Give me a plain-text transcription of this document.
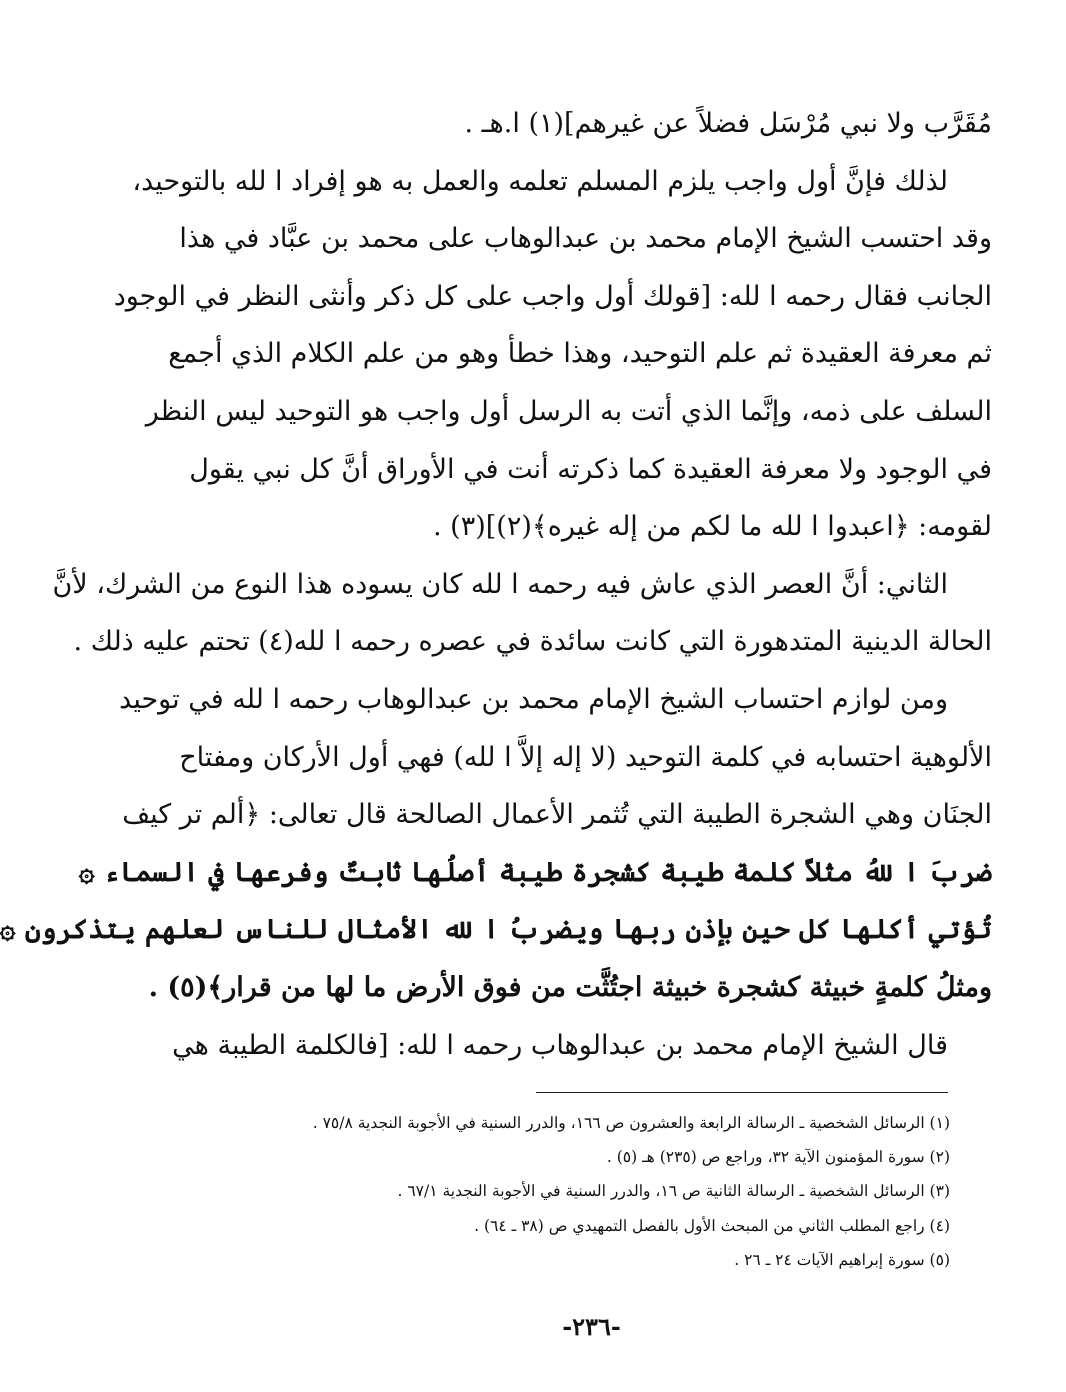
مُقَرَّب ولا نبي مُرْسَل فضلاً عن غيرهم](١) ا.هـ .
لذلك فإنَّ أول واجب يلزم المسلم تعلمه والعمل به هو إفراد ا لله بالتوحيد،
وقد احتسب الشيخ الإمام محمد بن عبدالوهاب على محمد بن عبَّاد في هذا
الجانب فقال رحمه ا لله: [قولك أول واجب على كل ذكر وأنثى النظر في الوجود
ثم معرفة العقيدة ثم علم التوحيد، وهذا خطأ وهو من علم الكلام الذي أجمع
السلف على ذمه، وإنَّما الذي أتت به الرسل أول واجب هو التوحيد ليس النظر
في الوجود ولا معرفة العقيدة كما ذكرته أنت في الأوراق أنَّ كل نبي يقول
لقومه: ﴿اعبدوا ا لله ما لكم من إله غيره﴾(٢)](٣) .
الثاني: أنَّ العصر الذي عاش فيه رحمه ا لله كان يسوده هذا النوع من الشرك، لأنَّ
الحالة الدينية المتدهورة التي كانت سائدة في عصره رحمه ا لله(٤) تحتم عليه ذلك .
ومن لوازم احتساب الشيخ الإمام محمد بن عبدالوهاب رحمه ا لله في توحيد
الألوهية احتسابه في كلمة التوحيد (لا إله إلاَّ ا لله) فهي أول الأركان ومفتاح
الجنَان وهي الشجرة الطيبة التي تُثمر الأعمال الصالحة قال تعالى: ﴿ألم تر كيف
ضربَ ا للهُ مثلاً كلمة طيبة كشجرة طيبة أصلُها ثابتٌ وفرعها في السماء ۞
تُؤتي أكلها كل حين بإذن ربها ويضربُ ا لله الأمثال للناس لعلهم يتذكرون ۞
ومثلُ كلمةٍ خبيثة كشجرة خبيثة اجتُثَّت من فوق الأرض ما لها من قرار﴾(٥) .
قال الشيخ الإمام محمد بن عبدالوهاب رحمه ا لله: [فالكلمة الطيبة هي
(١) الرسائل الشخصية ـ الرسالة الرابعة والعشرون ص ١٦٦، والدرر السنية في الأجوبة النجدية ٧٥/٨ .
(٢) سورة المؤمنون الآية ٣٢، وراجع ص (٢٣٥) هـ (٥) .
(٣) الرسائل الشخصية ـ الرسالة الثانية ص ١٦، والدرر السنية في الأجوبة النجدية ٦٧/١ .
(٤) راجع المطلب الثاني من المبحث الأول بالفصل التمهيدي ص (٣٨ ـ ٦٤) .
(٥) سورة إبراهيم الآيات ٢٤ ـ ٢٦ .
-٢٣٦-
